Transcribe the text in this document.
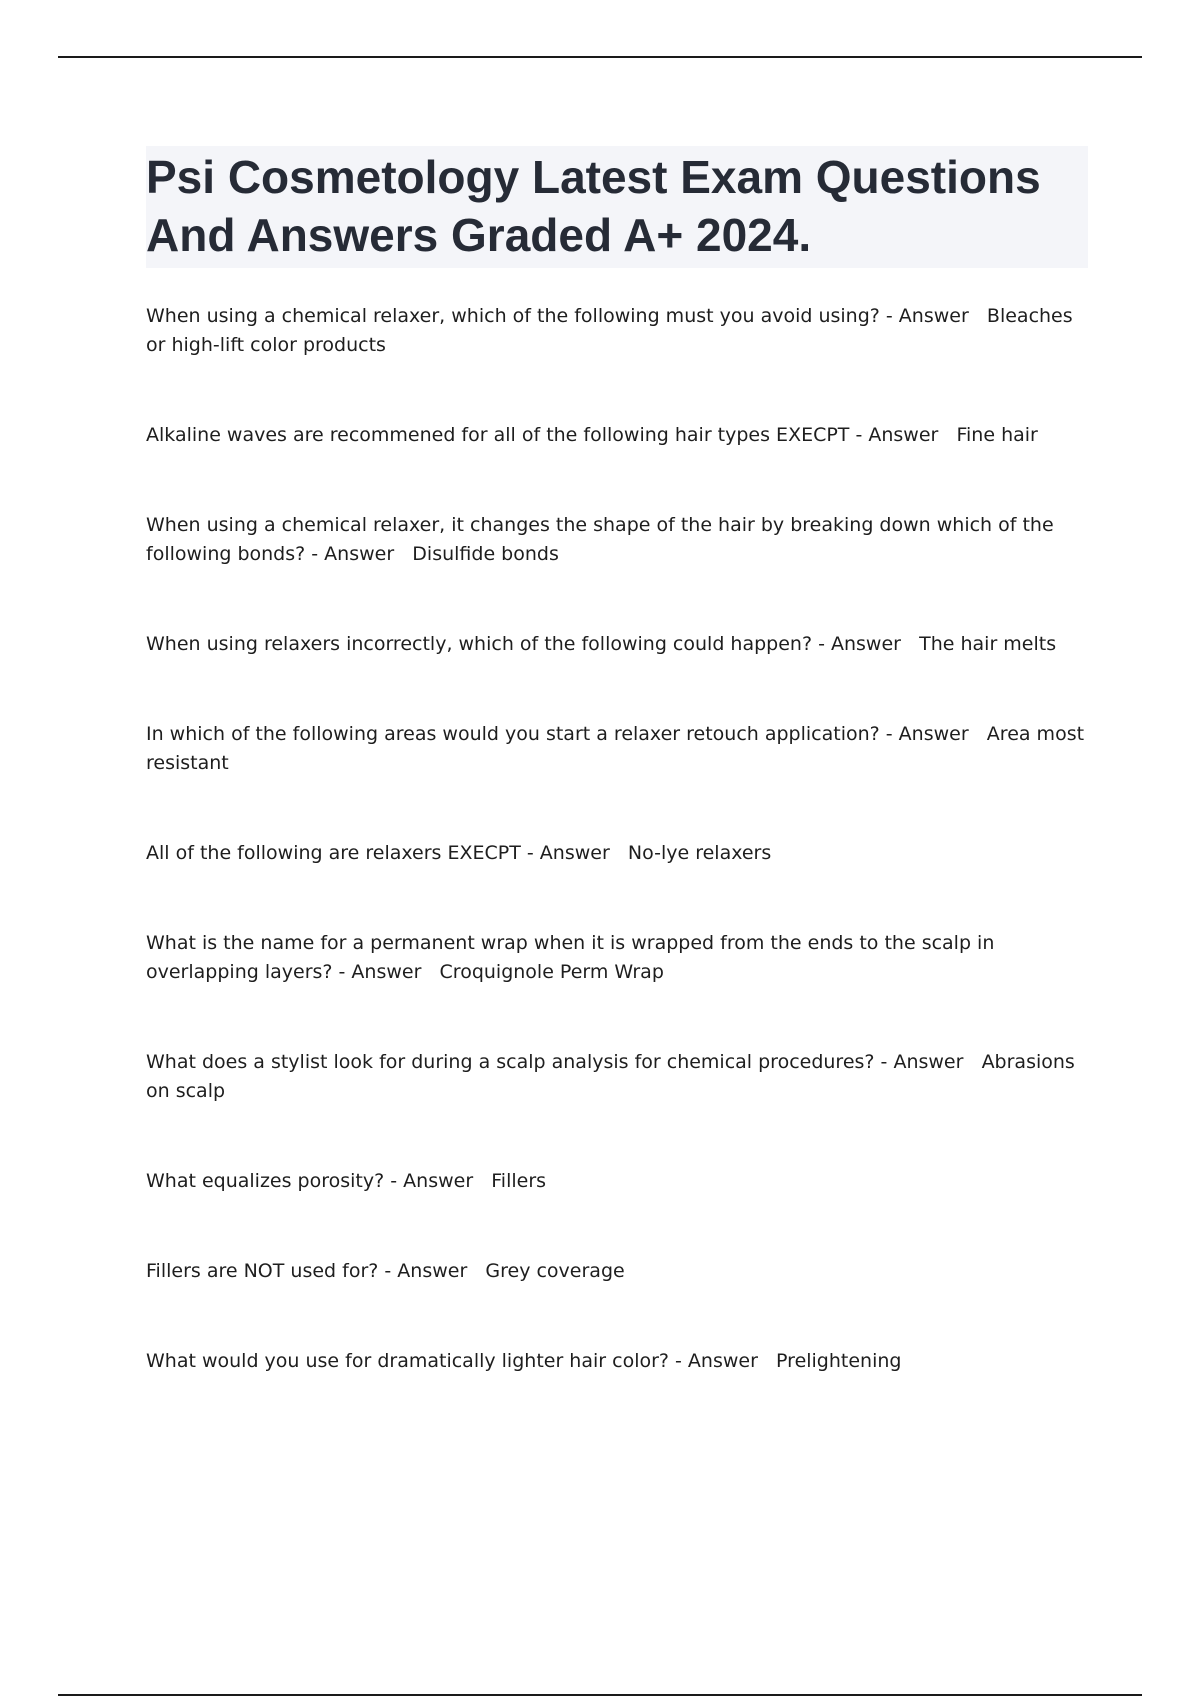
Psi Cosmetology Latest Exam Questions And Answers Graded A+ 2024.

When using a chemical relaxer, which of the following must you avoid using? - Answer   Bleaches or high-lift color products

Alkaline waves are recommened for all of the following hair types EXECPT - Answer   Fine hair

When using a chemical relaxer, it changes the shape of the hair by breaking down which of the following bonds? - Answer   Disulfide bonds

When using relaxers incorrectly, which of the following could happen? - Answer   The hair melts

In which of the following areas would you start a relaxer retouch application? - Answer   Area most resistant

All of the following are relaxers EXECPT - Answer   No-lye relaxers

What is the name for a permanent wrap when it is wrapped from the ends to the scalp in overlapping layers? - Answer   Croquignole Perm Wrap

What does a stylist look for during a scalp analysis for chemical procedures? - Answer   Abrasions on scalp

What equalizes porosity? - Answer   Fillers

Fillers are NOT used for? - Answer   Grey coverage

What would you use for dramatically lighter hair color? - Answer   Prelightening
